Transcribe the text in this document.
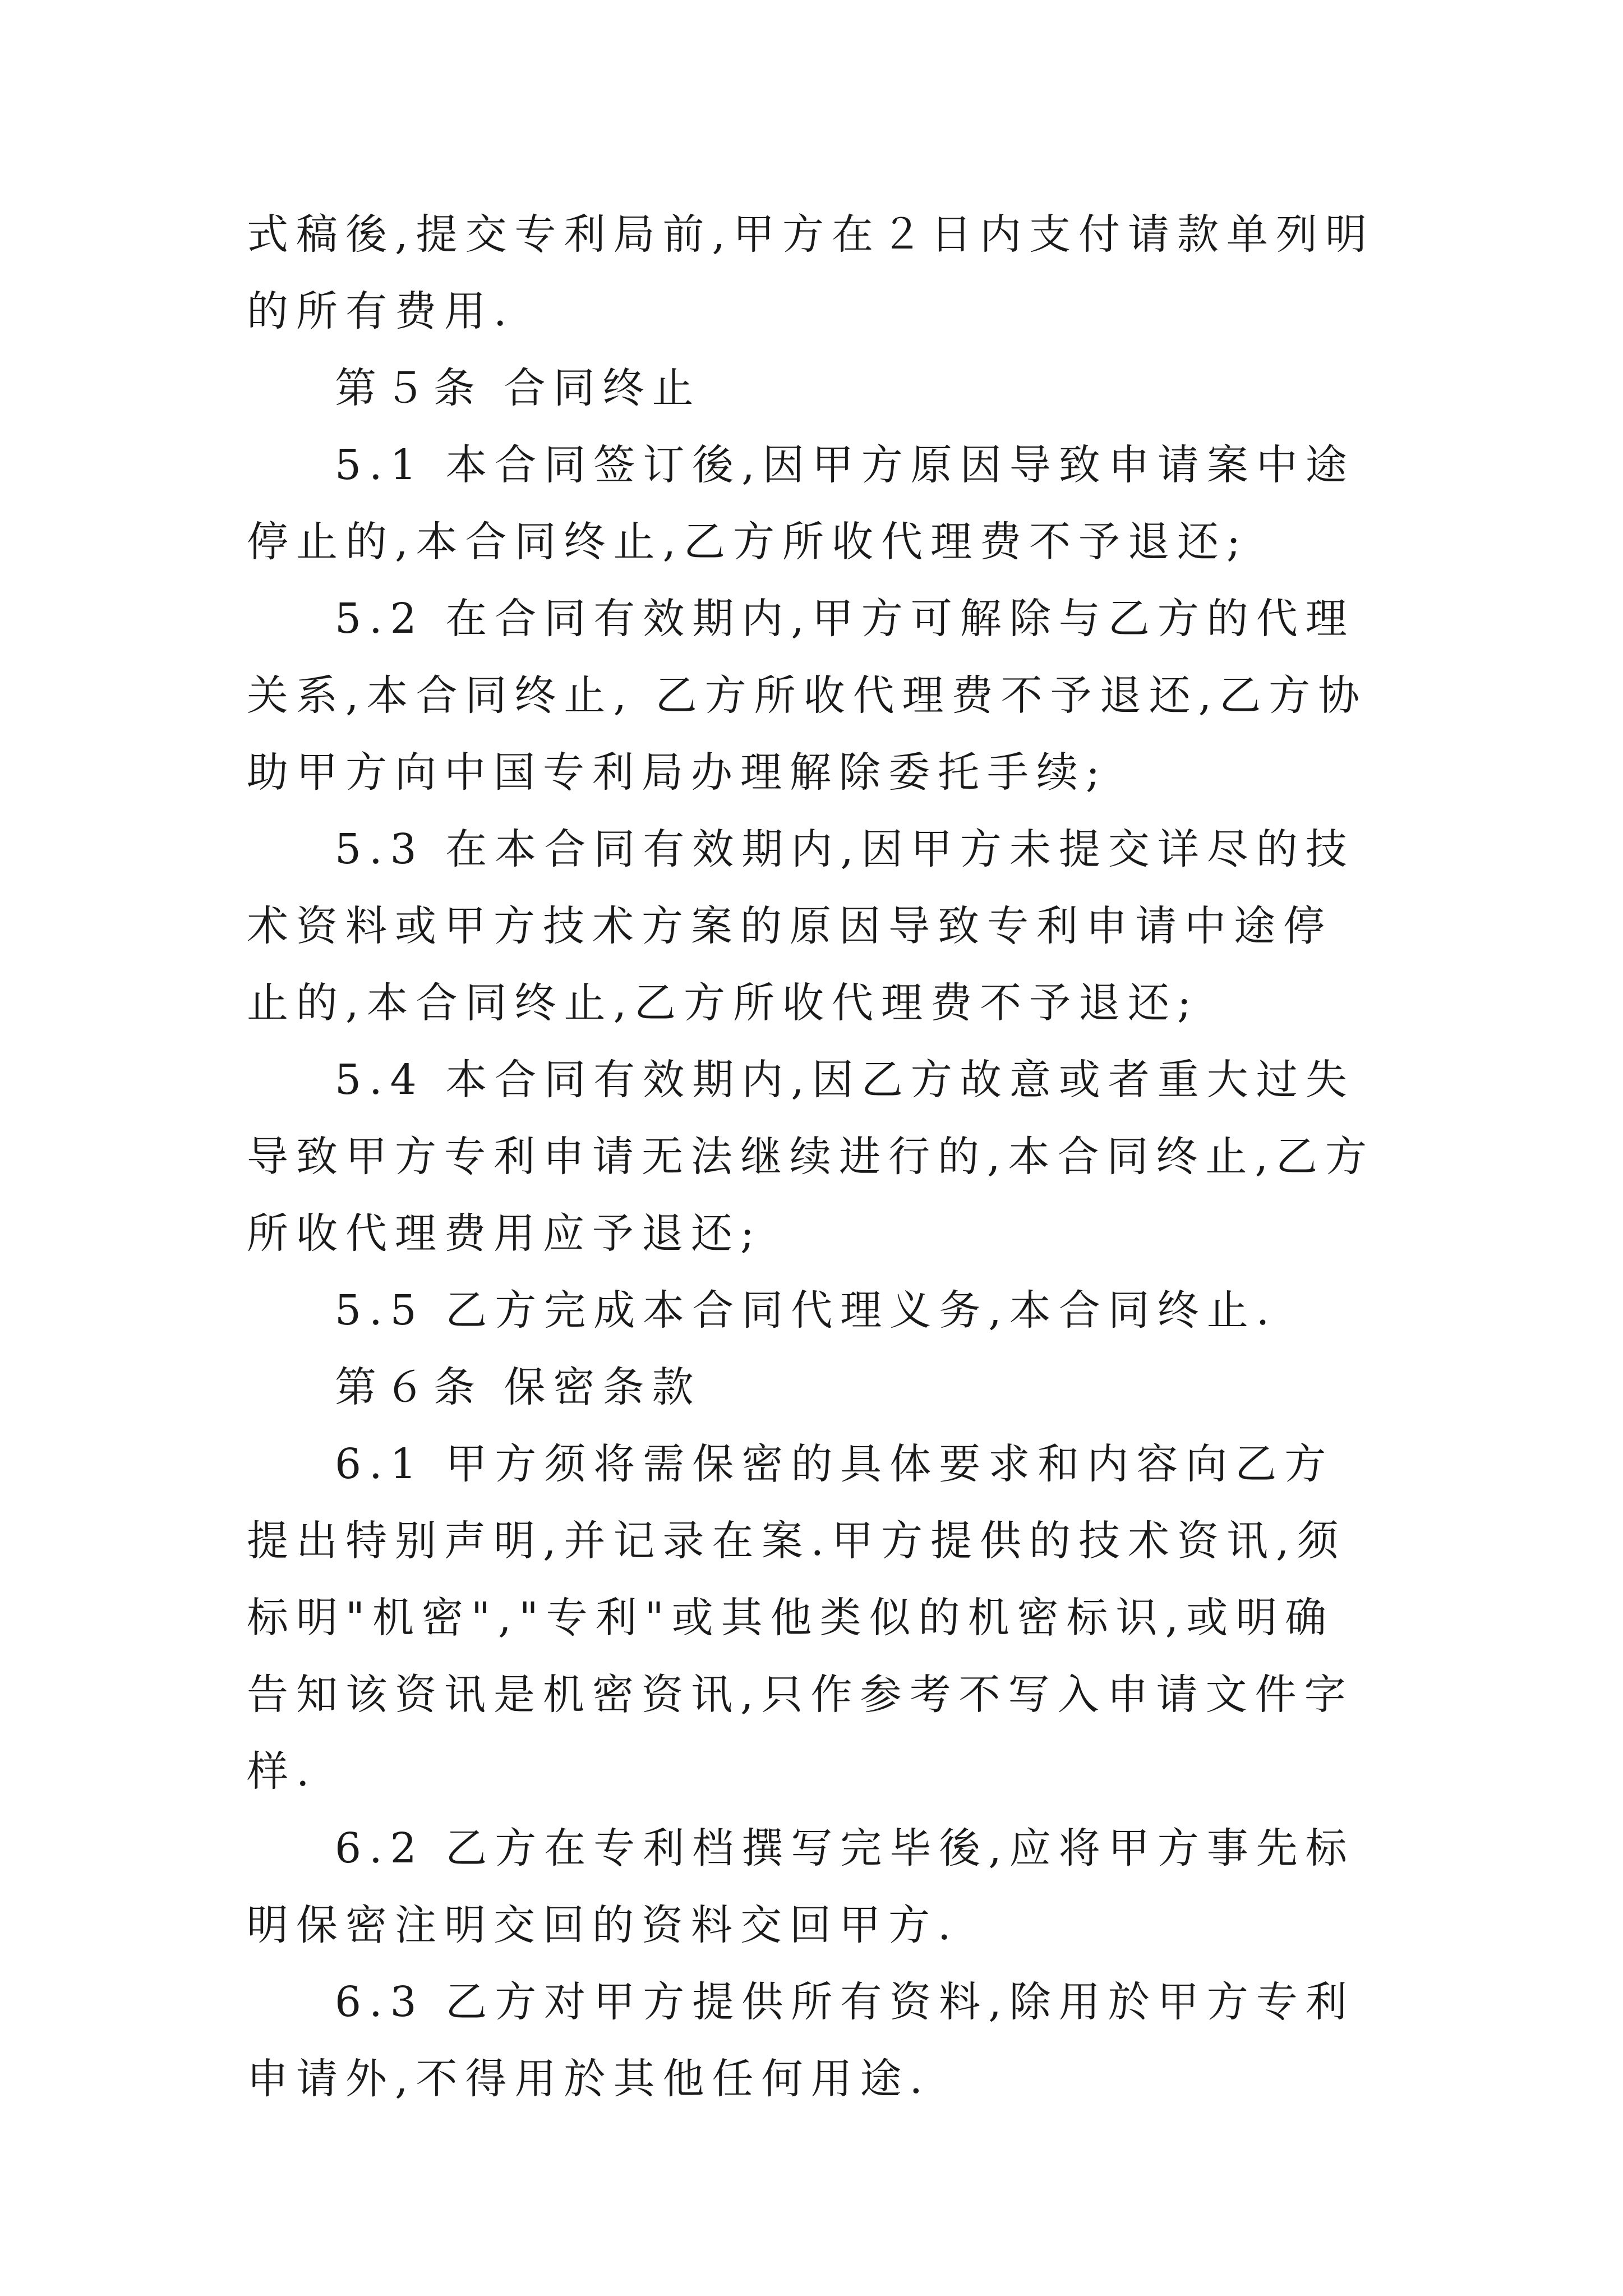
式稿後,提交专利局前,甲方在２日内支付请款单列明的所有费用.

第５条 合同终止

5.1 本合同签订後,因甲方原因导致申请案中途停止的,本合同终止,乙方所收代理费不予退还;

5.2 在合同有效期内,甲方可解除与乙方的代理关系,本合同终止, 乙方所收代理费不予退还,乙方协助甲方向中国专利局办理解除委托手续;

5.3 在本合同有效期内,因甲方未提交详尽的技术资料或甲方技术方案的原因导致专利申请中途停止的,本合同终止,乙方所收代理费不予退还;

5.4 本合同有效期内,因乙方故意或者重大过失导致甲方专利申请无法继续进行的,本合同终止,乙方所收代理费用应予退还;

5.5 乙方完成本合同代理义务,本合同终止.

第６条 保密条款

6.1 甲方须将需保密的具体要求和内容向乙方提出特别声明,并记录在案.甲方提供的技术资讯,须标明"机密","专利"或其他类似的机密标识,或明确告知该资讯是机密资讯,只作参考不写入申请文件字样.

6.2 乙方在专利档撰写完毕後,应将甲方事先标明保密注明交回的资料交回甲方.

6.3 乙方对甲方提供所有资料,除用於甲方专利申请外,不得用於其他任何用途.
